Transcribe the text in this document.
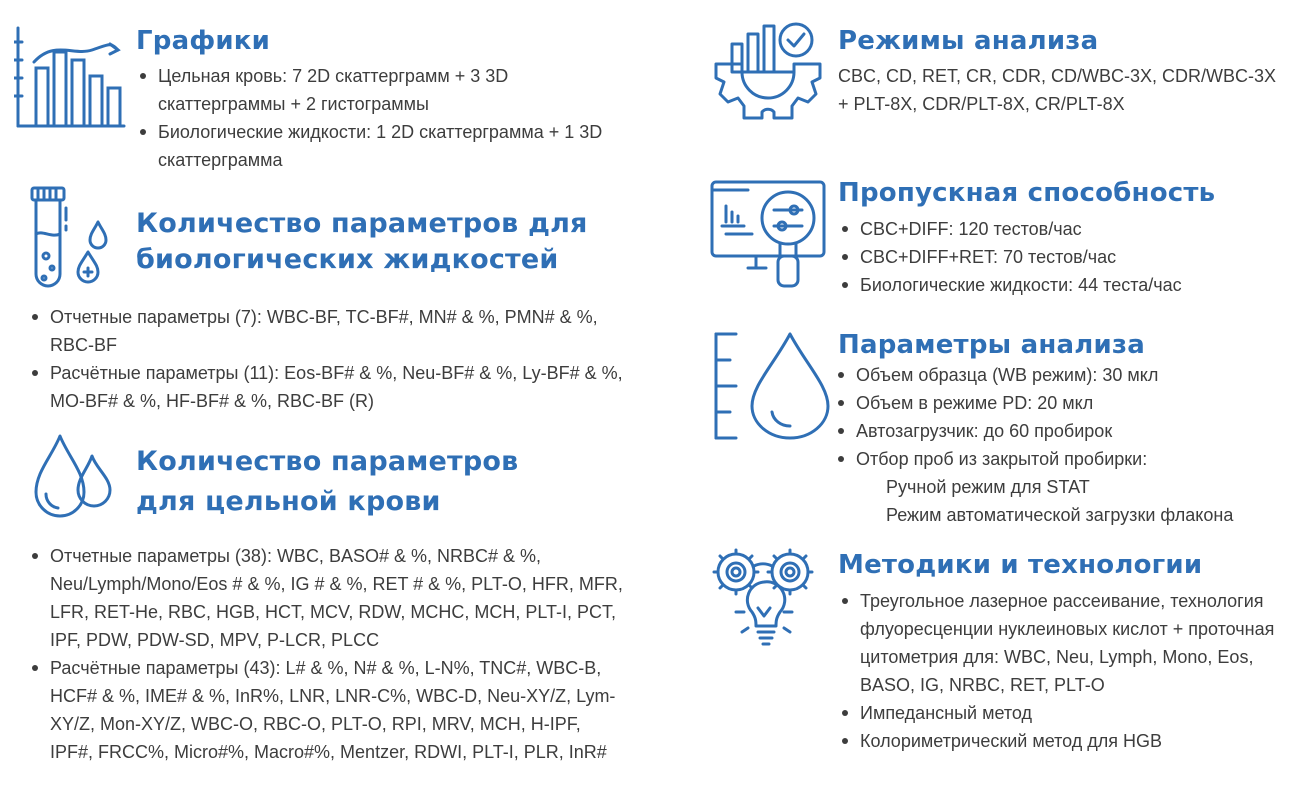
Графики
Цельная кровь: 7 2D скаттерграмм + 3 3D скаттерграммы + 2 гистограммы
Биологические жидкости: 1 2D скаттерграмма + 1 3D скаттерграмма
Количество параметров для
биологических жидкостей
Отчетные параметры (7): WBC-BF, TC-BF#, MN# & %, PMN# & %, RBC-BF
Расчётные параметры (11): Eos-BF# & %, Neu-BF# & %, Ly-BF# & %, MO-BF# & %, HF-BF# & %, RBC-BF (R)
Количество параметров
для цельной крови
Отчетные параметры (38): WBC, BASO# & %, NRBC# & %, Neu/Lymph/Mono/Eos # & %, IG # & %, RET # & %, PLT-O, HFR, MFR, LFR, RET-He, RBC, HGB, HCT, MCV, RDW, MCHC, MCH, PLT-I, PCT, IPF, PDW, PDW-SD, MPV, P-LCR, PLCC
Расчётные параметры (43): L# & %, N# & %, L-N%, TNC#, WBC-B, HCF# & %, IME# & %, InR%, LNR, LNR-C%, WBC-D, Neu-XY/Z, Lym-XY/Z, Mon-XY/Z, WBC-O, RBC-O, PLT-O, RPI, MRV, MCH, H-IPF, IPF#, FRCC%, Micro#%, Macro#%, Mentzer, RDWI, PLT-I, PLR, InR#
Режимы анализа

CBC, CD, RET, CR, CDR, CD/WBC-3X, CDR/WBC-3X + PLT-8X, CDR/PLT-8X, CR/PLT-8X

Пропускная способность
CBC+DIFF: 120 тестов/час
CBC+DIFF+RET: 70 тестов/час
Биологические жидкости: 44 теста/час
Параметры анализа
Объем образца (WB режим): 30 мкл
Объем в режиме PD: 20 мкл
Автозагрузчик: до 60 пробирок
Отбор проб из закрытой пробирки:
Ручной режим для STAT
Режим автоматической загрузки флакона
Методики и технологии
Треугольное лазерное рассеивание, технология флуоресценции нуклеиновых кислот + проточная цитометрия для: WBC, Neu, Lymph, Mono, Eos, BASO, IG, NRBC, RET, PLT-O
Импедансный метод
Колориметрический метод для HGB
